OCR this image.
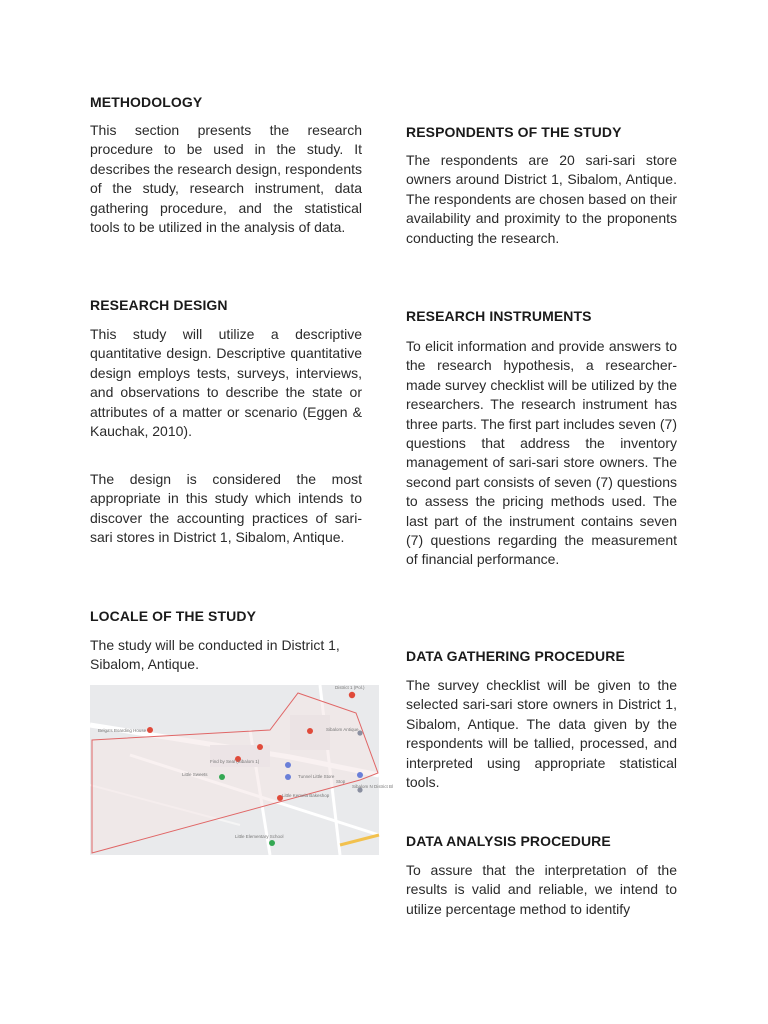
METHODOLOGY

This section presents the research procedure to be used in the study. It describes the research design, respondents of the study, research instrument, data gathering procedure, and the statistical tools to be utilized in the analysis of data.

RESEARCH DESIGN

This study will utilize a descriptive quantitative design. Descriptive quantitative design employs tests, surveys, interviews, and observations to describe the state or attributes of a matter or scenario (Eggen & Kauchak, 2010).

The design is considered the most appropriate in this study which intends to discover the accounting practices of sari-sari stores in District 1, Sibalom, Antique.

LOCALE OF THE STUDY

The study will be conducted in District 1, Sibalom, Antique.

District 1 (Pol.)
Belga's Boarding House
Find by Seal (Sibalom 1)
Sibalom Antique
Little Sweets	Tunnel Little Store
Stop
Little Kemela Bakeshop
Sibalom N District Bl
Little Elementary School
RESPONDENTS OF THE STUDY

The respondents are 20 sari-sari store owners around District 1, Sibalom, Antique. The respondents are chosen based on their availability and proximity to the proponents conducting the research.

RESEARCH INSTRUMENTS

To elicit information and provide answers to the research hypothesis, a researcher-made survey checklist will be utilized by the researchers. The research instrument has three parts. The first part includes seven (7) questions that address the inventory management of sari-sari store owners. The second part consists of seven (7) questions to assess the pricing methods used. The last part of the instrument contains seven (7) questions regarding the measurement of financial performance.

DATA GATHERING PROCEDURE

The survey checklist will be given to the selected sari-sari store owners in District 1, Sibalom, Antique. The data given by the respondents will be tallied, processed, and interpreted using appropriate statistical tools.

DATA ANALYSIS PROCEDURE

To assure that the interpretation of the results is valid and reliable, we intend to utilize percentage method to identify
